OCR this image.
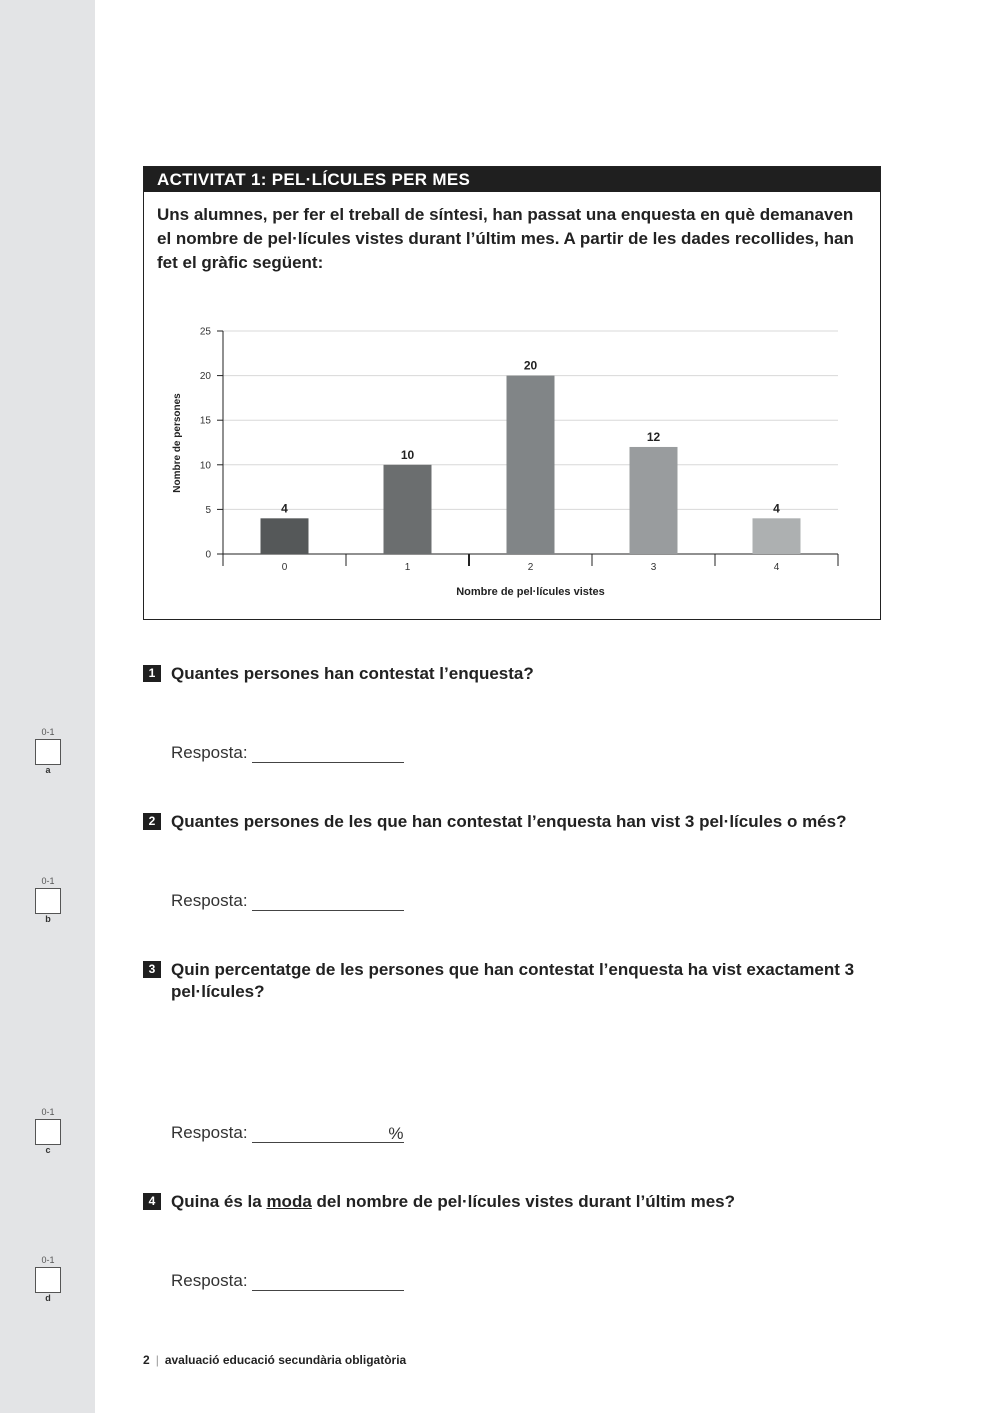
0-1
a
0-1
b
0-1
c
0-1
d
ACTIVITAT 1: PEL·LÍCULES PER MES
Uns alumnes, per fer el treball de síntesi, han passat una enquesta en què demanaven el nombre de pel·lícules vistes durant l’últim mes. A partir de les dades recollides, han fet el gràfic següent:
0
5
10
15
20
25
4
0
10
1
20
2
12
3
4
4
Nombre de pel·lícules vistes
Nombre de persones
1 Quantes persones han contestat l’enquesta?
Resposta:
2 Quantes persones de les que han contestat l’enquesta han vist 3 pel·lícules o més?
Resposta:
3 Quin percentatge de les persones que han contestat l’enquesta ha vist exactament 3 pel·lícules?
Resposta:	%
4 Quina és la moda del nombre de pel·lícules vistes durant l’últim mes?
Resposta:
2 | avaluació educació secundària obligatòria
